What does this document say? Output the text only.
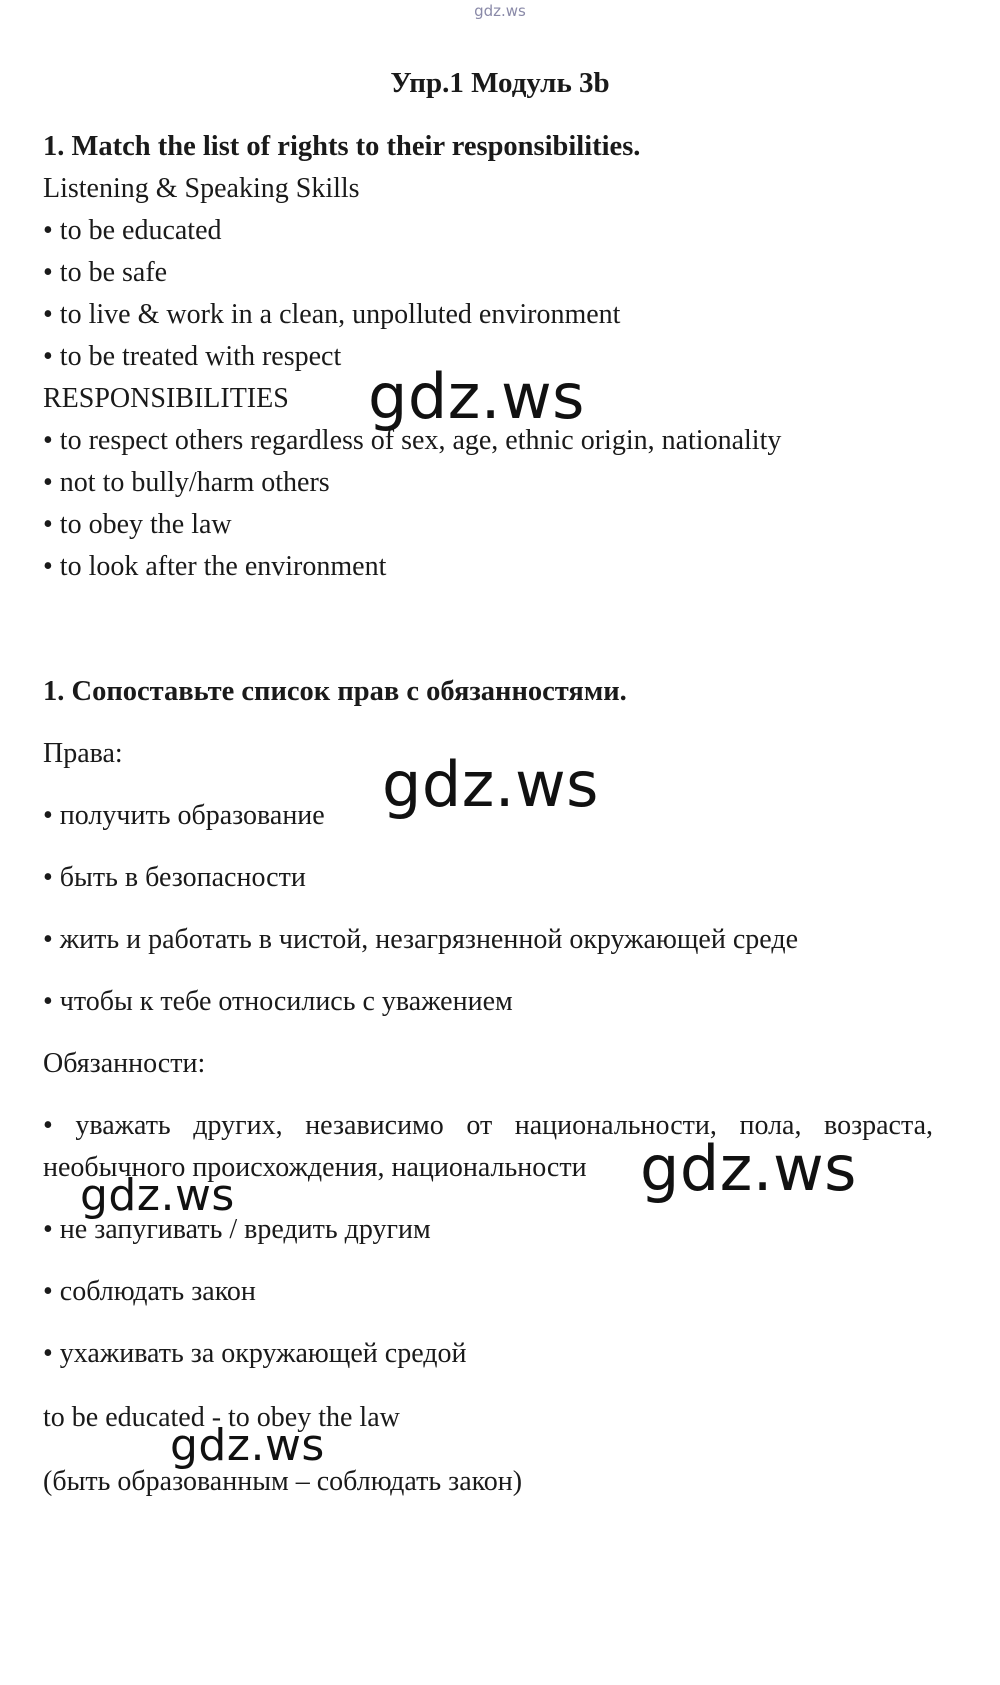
gdz.ws
Упр.1 Модуль 3b
1. Match the list of rights to their responsibilities.
Listening & Speaking Skills
• to be educated
• to be safe
• to live & work in a clean, unpolluted environment
• to be treated with respect
RESPONSIBILITIES
• to respect others regardless of sex, age, ethnic origin, nationality
• not to bully/harm others
• to obey the law
• to look after the environment
1. Сопоставьте список прав с обязанностями.
Права:
• получить образование
• быть в безопасности
• жить и работать в чистой, незагрязненной окружающей среде
• чтобы к тебе относились с уважением
Обязанности:
• уважать других, независимо от национальности, пола, возраста,
необычного происхождения, национальности
• не запугивать / вредить другим
• соблюдать закон
• ухаживать за окружающей средой
to be educated - to obey the law
(быть образованным – соблюдать закон)
gdz.ws
gdz.ws
gdz.ws
gdz.ws
gdz.ws
